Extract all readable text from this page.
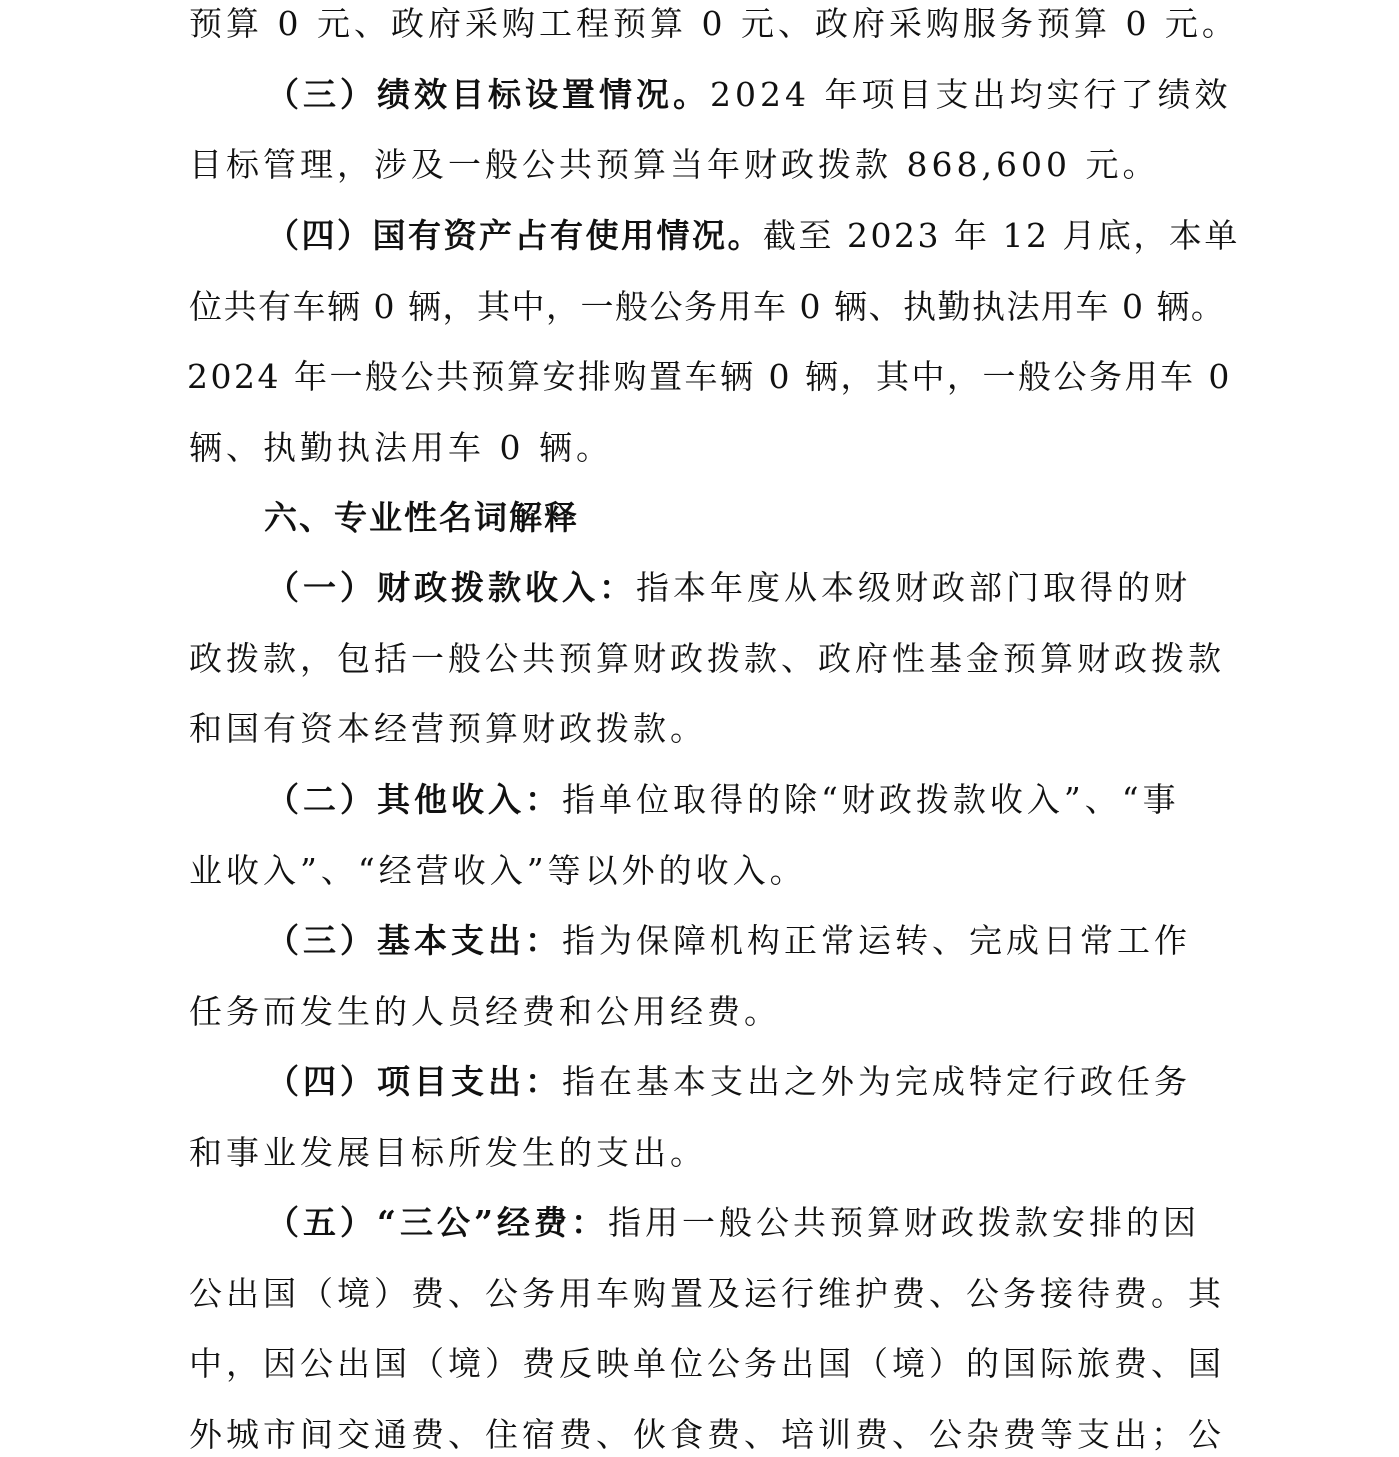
预算 0 元、政府采购工程预算 0 元、政府采购服务预算 0 元。
（三）绩效目标设置情况。2024 年项目支出均实行了绩效
目标管理，涉及一般公共预算当年财政拨款 868,600 元。
（四）国有资产占有使用情况。截至 2023 年 12 月底，本单
位共有车辆 0 辆，其中，一般公务用车 0 辆、执勤执法用车 0 辆。
2024 年一般公共预算安排购置车辆 0 辆，其中，一般公务用车 0
辆、执勤执法用车 0 辆。
六、专业性名词解释
（一）财政拨款收入：指本年度从本级财政部门取得的财
政拨款，包括一般公共预算财政拨款、政府性基金预算财政拨款
和国有资本经营预算财政拨款。
（二）其他收入：指单位取得的除“财政拨款收入”、“事
业收入”、“经营收入”等以外的收入。
（三）基本支出：指为保障机构正常运转、完成日常工作
任务而发生的人员经费和公用经费。
（四）项目支出：指在基本支出之外为完成特定行政任务
和事业发展目标所发生的支出。
（五）“三公”经费：指用一般公共预算财政拨款安排的因
公出国（境）费、公务用车购置及运行维护费、公务接待费。其
中，因公出国（境）费反映单位公务出国（境）的国际旅费、国
外城市间交通费、住宿费、伙食费、培训费、公杂费等支出；公
